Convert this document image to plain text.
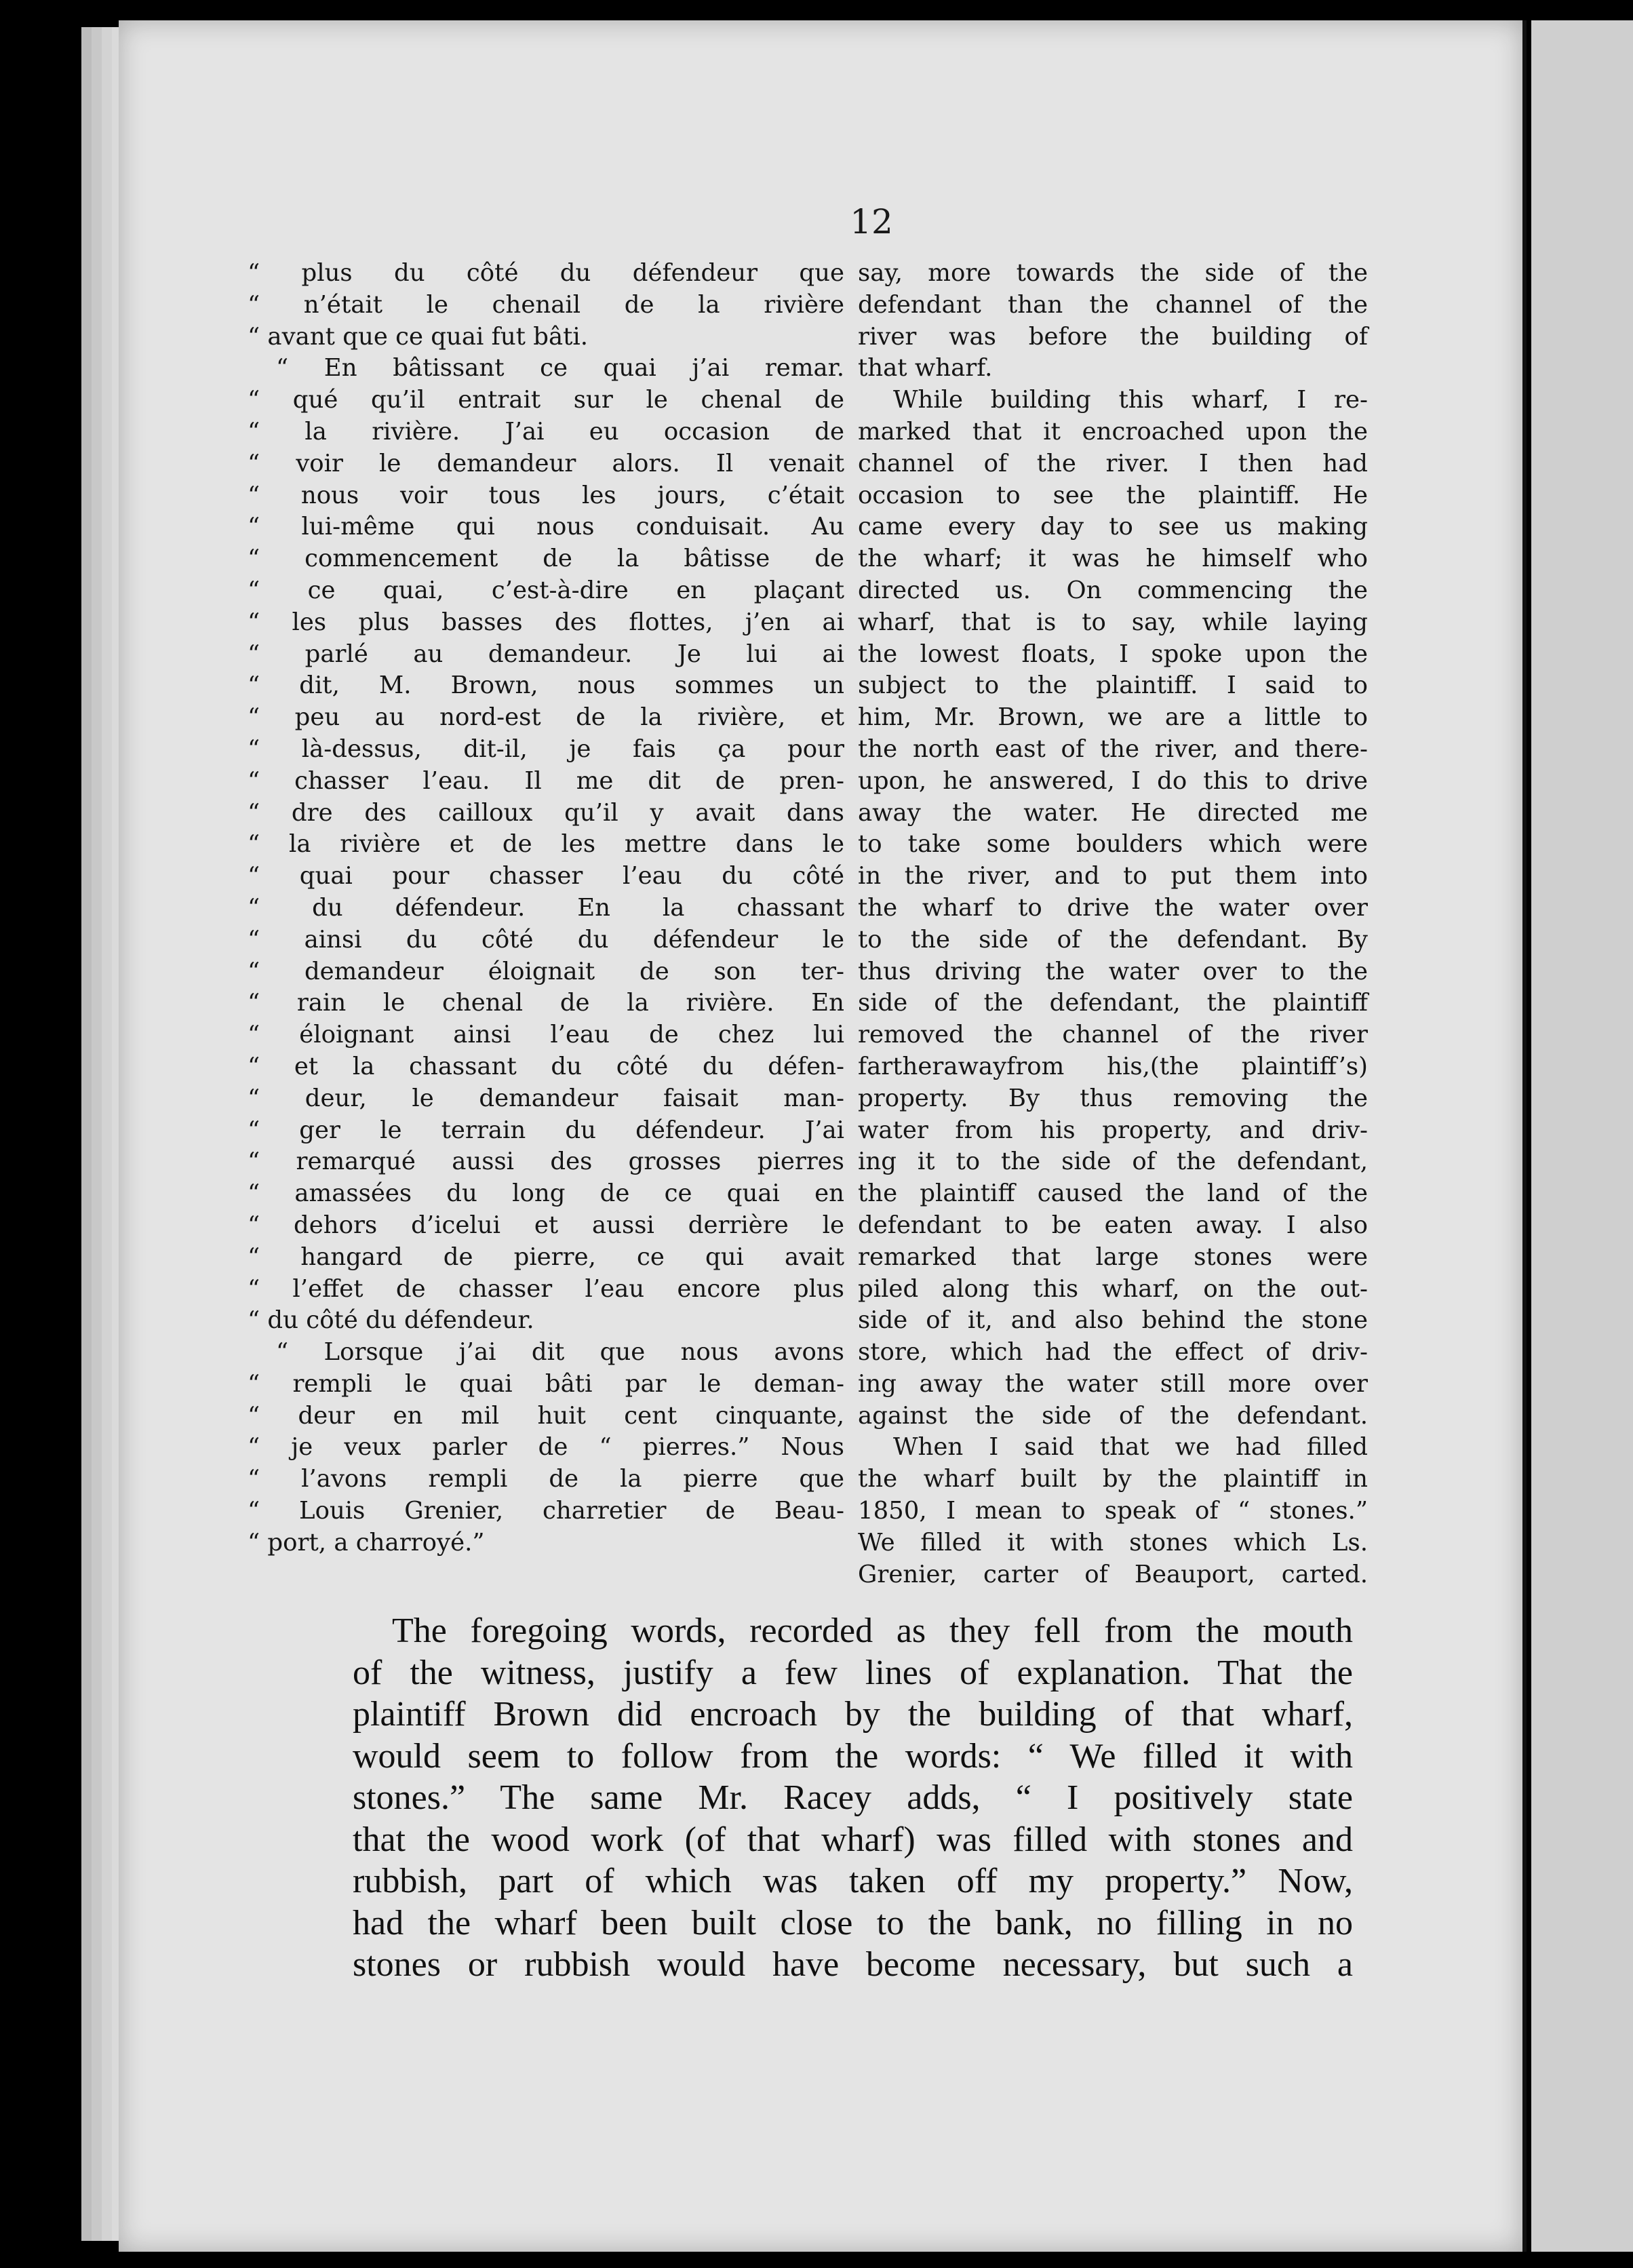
12
“ plus du côté du défendeur que
“ n’était le chenail de la rivière
“ avant que ce quai fut bâti.
“ En bâtissant ce quai j’ai remar.
“ qué qu’il entrait sur le chenal de
“ la rivière. J’ai eu occasion de
“ voir le demandeur alors. Il venait
“ nous voir tous les jours, c’était
“ lui-même qui nous conduisait. Au
“ commencement de la bâtisse de
“ ce quai, c’est-à-dire en plaçant
“ les plus basses des flottes, j’en ai
“ parlé au demandeur. Je lui ai
“ dit, M. Brown, nous sommes un
“ peu au nord-est de la rivière, et
“ là-dessus, dit-il, je fais ça pour
“ chasser l’eau. Il me dit de pren-
“ dre des cailloux qu’il y avait dans
“ la rivière et de les mettre dans le
“ quai pour chasser l’eau du côté
“ du défendeur. En la chassant
“ ainsi du côté du défendeur le
“ demandeur éloignait de son ter-
“ rain le chenal de la rivière. En
“ éloignant ainsi l’eau de chez lui
“ et la chassant du côté du défen-
“ deur, le demandeur faisait man-
“ ger le terrain du défendeur. J’ai
“ remarqué aussi des grosses pierres
“ amassées du long de ce quai en
“ dehors d’icelui et aussi derrière le
“ hangard de pierre, ce qui avait
“ l’effet de chasser l’eau encore plus
“ du côté du défendeur.
“ Lorsque j’ai dit que nous avons
“ rempli le quai bâti par le deman-
“ deur en mil huit cent cinquante,
“ je veux parler de “ pierres.” Nous
“ l’avons rempli de la pierre que
“ Louis Grenier, charretier de Beau-
“ port, a charroyé.”
say, more towards the side of the
defendant than the channel of the
river was before the building of
that wharf.
While building this wharf, I re-
marked that it encroached upon the
channel of the river. I then had
occasion to see the plaintiff. He
came every day to see us making
the wharf; it was he himself who
directed us. On commencing the
wharf, that is to say, while laying
the lowest floats, I spoke upon the
subject to the plaintiff. I said to
him, Mr. Brown, we are a little to
the north east of the river, and there-
upon, he answered, I do this to drive
away the water. He directed me
to take some boulders which were
in the river, and to put them into
the wharf to drive the water over
to the side of the defendant. By
thus driving the water over to the
side of the defendant, the plaintiff
removed the channel of the river
fartherawayfrom his,(the plaintiff’s)
property. By thus removing the
water from his property, and driv-
ing it to the side of the defendant,
the plaintiff caused the land of the
defendant to be eaten away. I also
remarked that large stones were
piled along this wharf, on the out-
side of it, and also behind the stone
store, which had the effect of driv-
ing away the water still more over
against the side of the defendant.
When I said that we had filled
the wharf built by the plaintiff in
1850, I mean to speak of “ stones.”
We filled it with stones which Ls.
Grenier, carter of Beauport, carted.
The foregoing words, recorded as they fell from the mouth
of the witness, justify a few lines of explanation. That the
plaintiff Brown did encroach by the building of that wharf,
would seem to follow from the words: “ We filled it with
stones.” The same Mr. Racey adds, “ I positively state
that the wood work (of that wharf) was filled with stones and
rubbish, part of which was taken off my property.” Now,
had the wharf been built close to the bank, no filling in no
stones or rubbish would have become necessary, but such a
